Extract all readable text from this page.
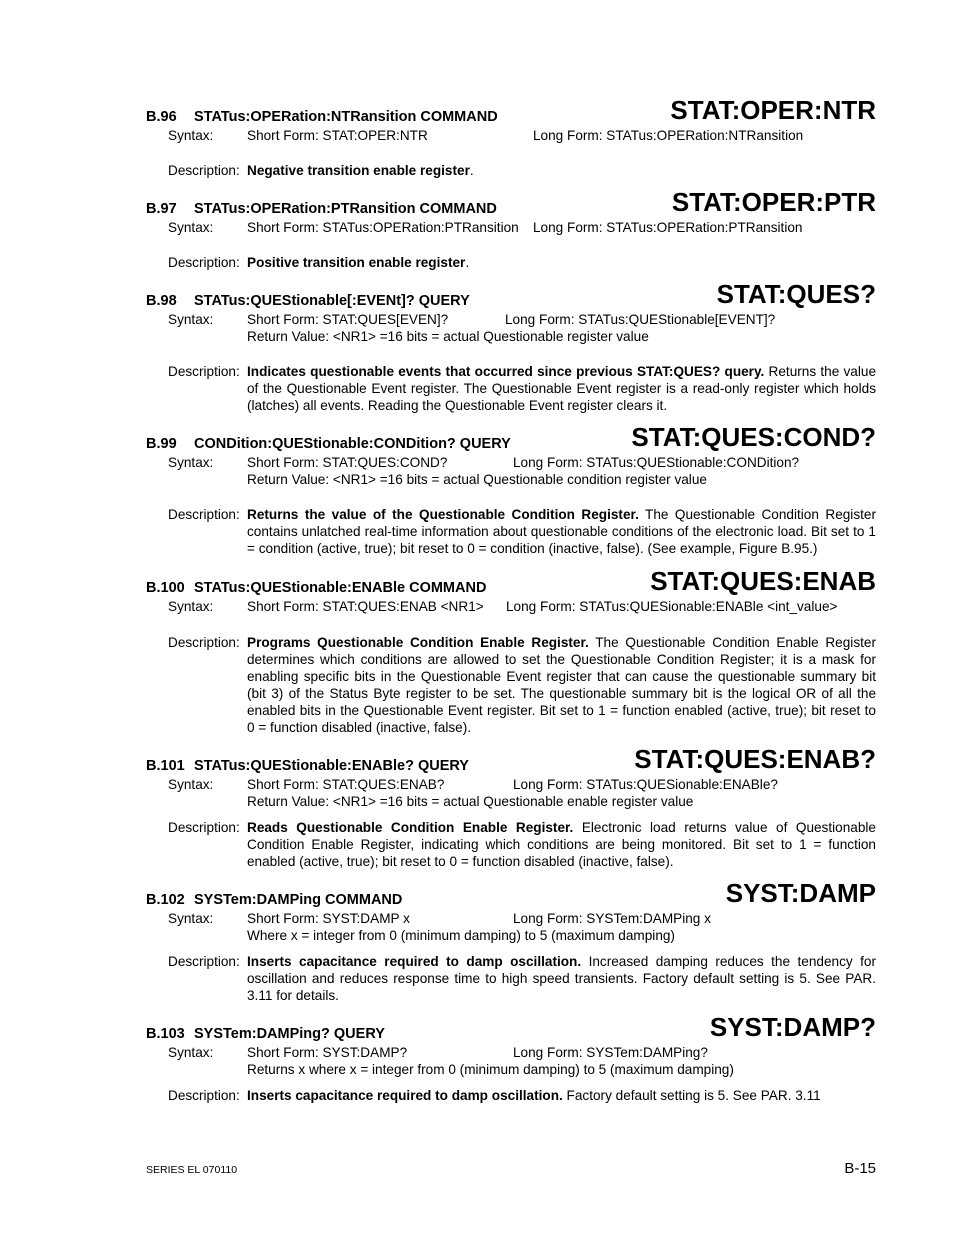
B.96 STATus:OPERation:NTRansition COMMAND	STAT:OPER:NTR
Syntax: Short Form: STAT:OPER:NTR	Long Form: STATus:OPERation:NTRansition
Description: Negative transition enable register.
B.97 STATus:OPERation:PTRansition COMMAND	STAT:OPER:PTR
Syntax: Short Form: STATus:OPERation:PTRansition Long Form: STATus:OPERation:PTRansition
Description: Positive transition enable register.
B.98 STATus:QUEStionable[:EVENt]? QUERY	STAT:QUES?
Syntax: Short Form: STAT:QUES[EVEN]?	Long Form: STATus:QUEStionable[EVENT]?
Return Value: <NR1> =16 bits = actual Questionable register value
Description: Indicates questionable events that occurred since previous STAT:QUES? query. Returns the value of the Questionable Event register. The Questionable Event register is a read-only register which holds (latches) all events. Reading the Questionable Event register clears it.
B.99 CONDition:QUEStionable:CONDition? QUERY	STAT:QUES:COND?
Syntax: Short Form: STAT:QUES:COND?	Long Form: STATus:QUEStionable:CONDition?
Return Value: <NR1> =16 bits = actual Questionable condition register value
Description: Returns the value of the Questionable Condition Register. The Questionable Condition Register contains unlatched real-time information about questionable conditions of the electronic load. Bit set to 1 = condition (active, true); bit reset to 0 = condition (inactive, false). (See example, Figure B.95.)
B.100 STATus:QUEStionable:ENABle COMMAND	STAT:QUES:ENAB
Syntax: Short Form: STAT:QUES:ENAB <NR1> Long Form: STATus:QUESionable:ENABle <int_value>
Description: Programs Questionable Condition Enable Register. The Questionable Condition Enable Register determines which conditions are allowed to set the Questionable Condition Register; it is a mask for enabling specific bits in the Questionable Event register that can cause the questionable summary bit (bit 3) of the Status Byte register to be set. The questionable summary bit is the logical OR of all the enabled bits in the Questionable Event register. Bit set to 1 = function enabled (active, true); bit reset to 0 = function disabled (inactive, false).
B.101 STATus:QUEStionable:ENABle? QUERY	STAT:QUES:ENAB?
Syntax: Short Form: STAT:QUES:ENAB?	Long Form: STATus:QUESionable:ENABle?
Return Value: <NR1> =16 bits = actual Questionable enable register value
Description: Reads Questionable Condition Enable Register. Electronic load returns value of Questionable Condition Enable Register, indicating which conditions are being monitored. Bit set to 1 = function enabled (active, true); bit reset to 0 = function disabled (inactive, false).
B.102 SYSTem:DAMPing COMMAND	SYST:DAMP
Syntax: Short Form: SYST:DAMP x	Long Form: SYSTem:DAMPing x
Where x = integer from 0 (minimum damping) to 5 (maximum damping)
Description: Inserts capacitance required to damp oscillation. Increased damping reduces the tendency for oscillation and reduces response time to high speed transients. Factory default setting is 5. See PAR. 3.11 for details.
B.103 SYSTem:DAMPing? QUERY	SYST:DAMP?
Syntax: Short Form: SYST:DAMP?	Long Form: SYSTem:DAMPing?
Returns x where x = integer from 0 (minimum damping) to 5 (maximum damping)
Description: Inserts capacitance required to damp oscillation. Factory default setting is 5. See PAR. 3.11
SERIES EL 070110	B-15
